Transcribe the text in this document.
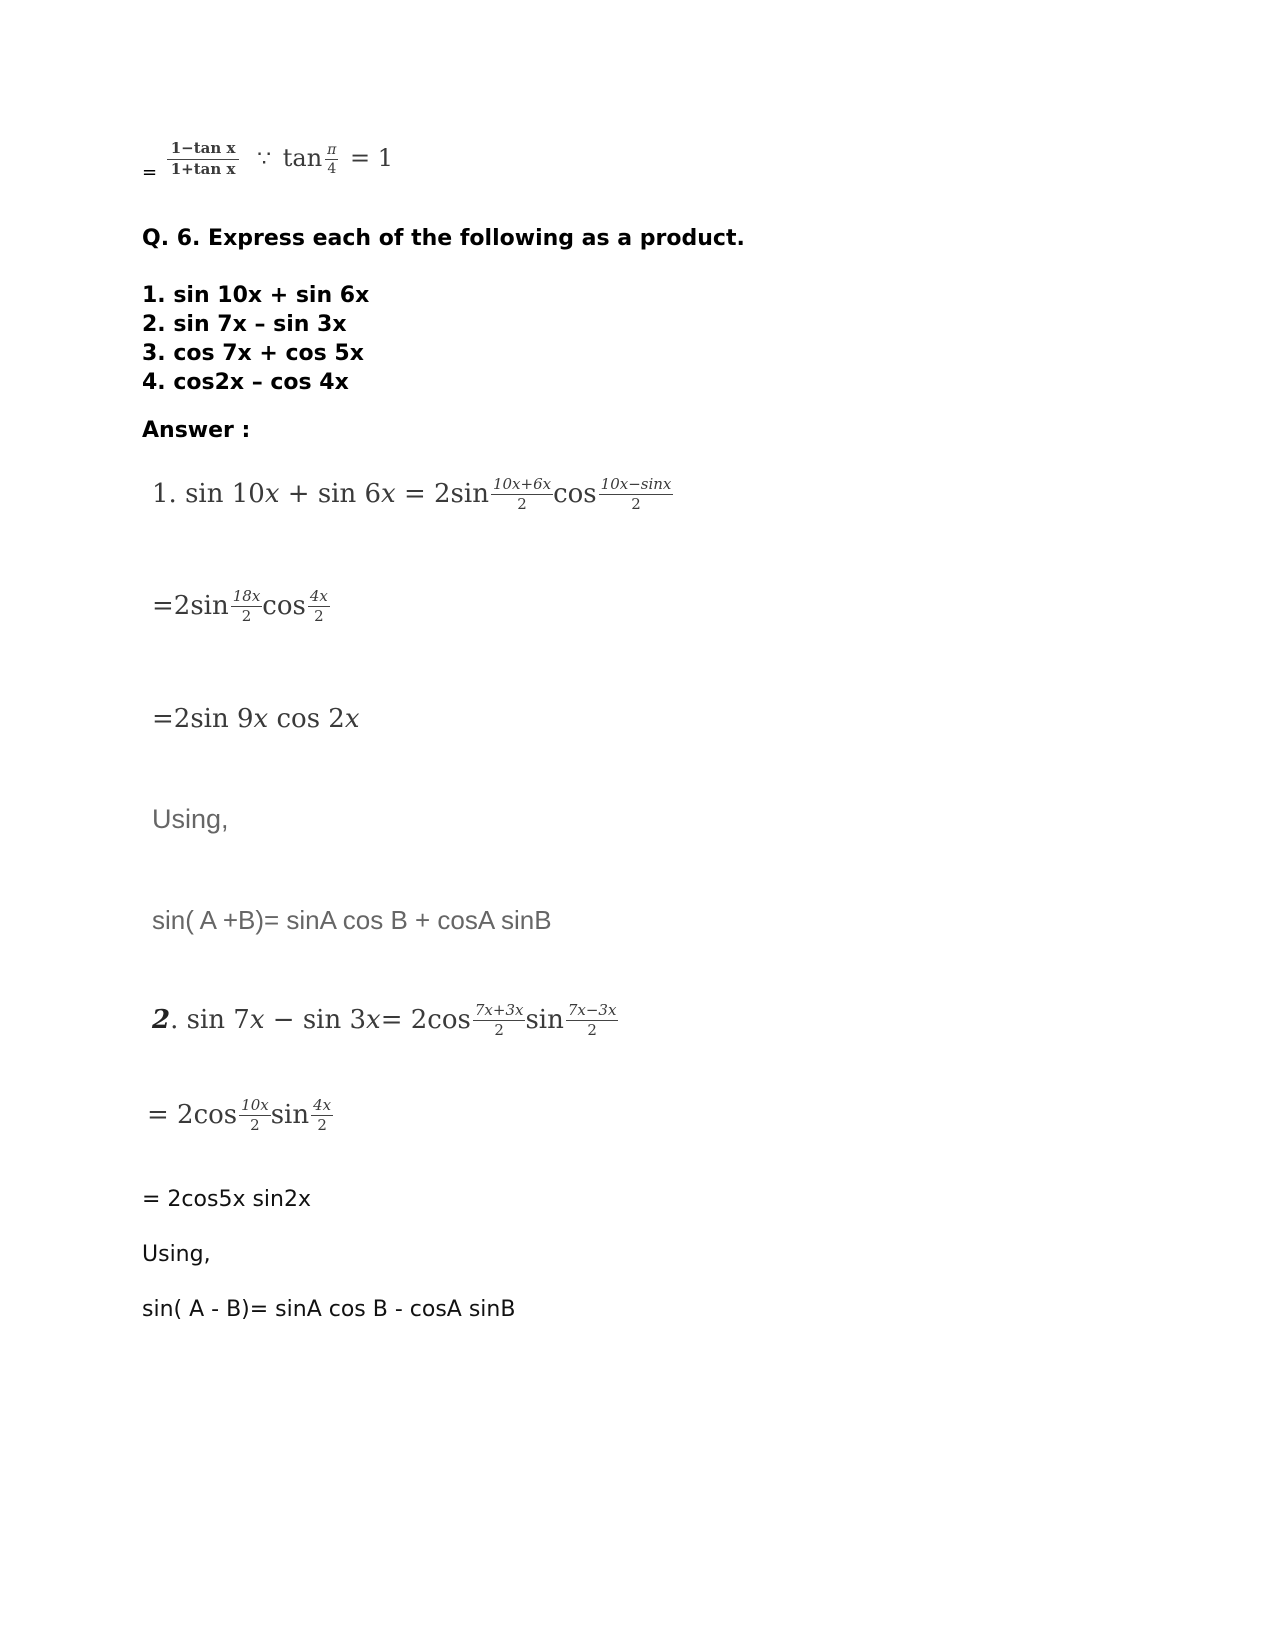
$_= \frac{\text{1−tan x}}{\text{1+tan x}}$ ∵ $\tan \frac{\pi}{4} = 1$
Q. 6. Express each of the following as a product.
1. sin 10x + sin 6x
2. sin 7x – sin 3x
3. cos 7x + cos 5x
4. cos2x – cos 4x
Answer :
1. $\sin 10x + \sin 6x = 2\sin \frac{10x+6x}{2}$ $\cos \frac{10x-\sin x}{2}$
$=2\sin \frac{18x}{2}$ $\cos \frac{4x}{2}$
=2sin 9x cos 2x
Using,
sin( A +B)= sinA cos B + cosA sinB
2. $\sin 7x - \sin 3x= 2\cos \frac{7x+3x}{2}$ $\sin \frac{7x-3x}{2}$
= $2\cos \frac{10x}{2}$ $\sin \frac{4x}{2}$
= 2cos5x sin2x
Using,
sin( A - B)= sinA cos B - cosA sinB
